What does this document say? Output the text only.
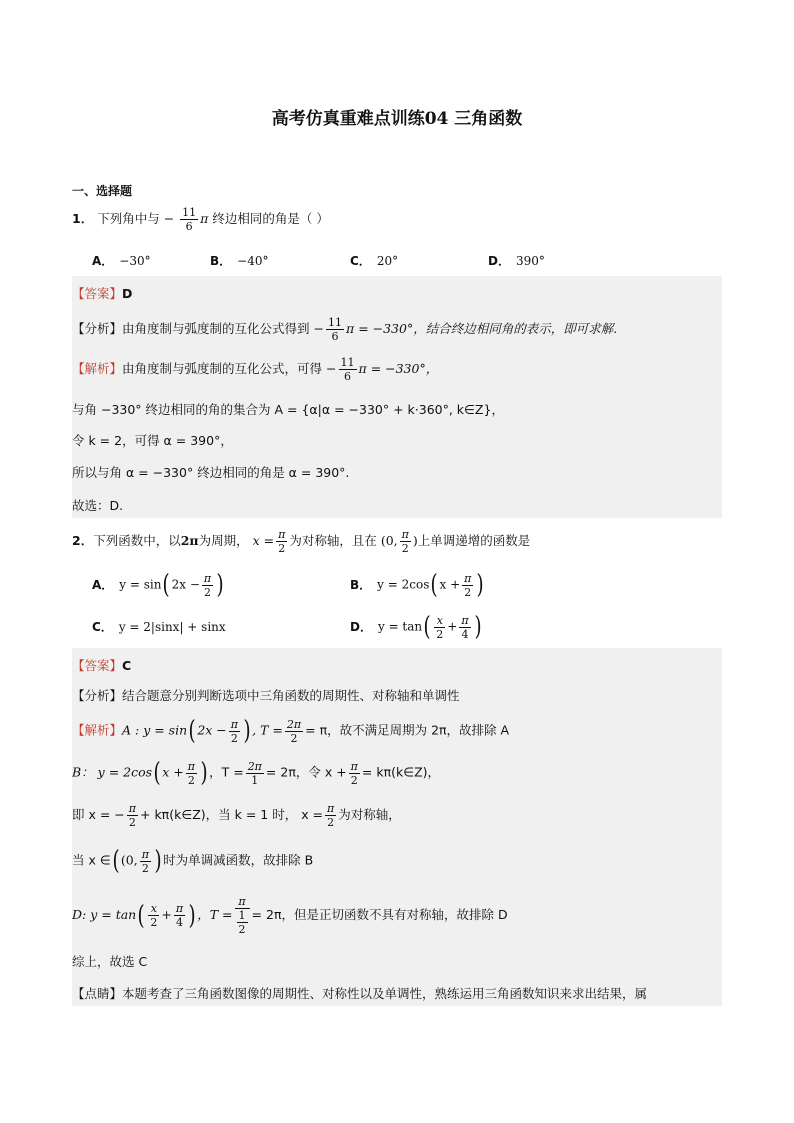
高考仿真重难点训练04 三角函数
一、选择题
1． 下列角中与 − $\frac{11}{6}$ π 终边相同的角是（ ）
A． −30°	B． −40°	C． 20°	D． 390°
【答案】D
【分析】由角度制与弧度制的互化公式得到 − $\frac{11}{6}$ π = −330°，结合终边相同角的表示，即可求解.
【解析】由角度制与弧度制的互化公式，可得 − $\frac{11}{6}$ π = −330°，
与角 −330° 终边相同的角的集合为 A = {α|α = −330° + k·360°, k∈Z}，
令 k = 2，可得 α = 390°，
所以与角 α = −330° 终边相同的角是 α = 390°.
故选：D.
2．下列函数中，以2π为周期， $x = \frac{\pi}{2}$ 为对称轴，且在 (0, $\frac{\pi}{2}$ )上单调递增的函数是
A． y = sin( $2x - \frac{\pi}{2}$ )	B． y = 2cos( $x + \frac{\pi}{2}$ )
C． y = 2|sinx| + sinx	D． $y = \tan( \frac{x}{2} + \frac{\pi}{4}$ )
【答案】C
【分析】结合题意分别判断选项中三角函数的周期性、对称轴和单调性
【解析】A : y = sin( $2x - \frac{\pi}{2}$ ) , $T = \frac{2\pi}{2} = \pi$，故不满足周期为 2π，故排除 A
B： y = 2cos( $x + \frac{\pi}{2}$ ) ，$T = \frac{2\pi}{1} = 2\pi$，令 $x + \frac{\pi}{2}$ = kπ(k∈Z)，
即 x = − $\frac{\pi}{2}$ + kπ(k∈Z)，当 k = 1 时， $x = \frac{\pi}{2}$ 为对称轴，
当 x ∈( (0, $\frac{\pi}{2}$ ) 时为单调减函数，故排除 B
D: $y = \tan( \frac{x}{2} + \frac{\pi}{4}$ ) ，$T = \frac{\pi}{\frac{1}{2}} = 2\pi$，但是正切函数不具有对称轴，故排除 D
综上，故选 C
【点睛】本题考查了三角函数图像的周期性、对称性以及单调性，熟练运用三角函数知识来求出结果，属
